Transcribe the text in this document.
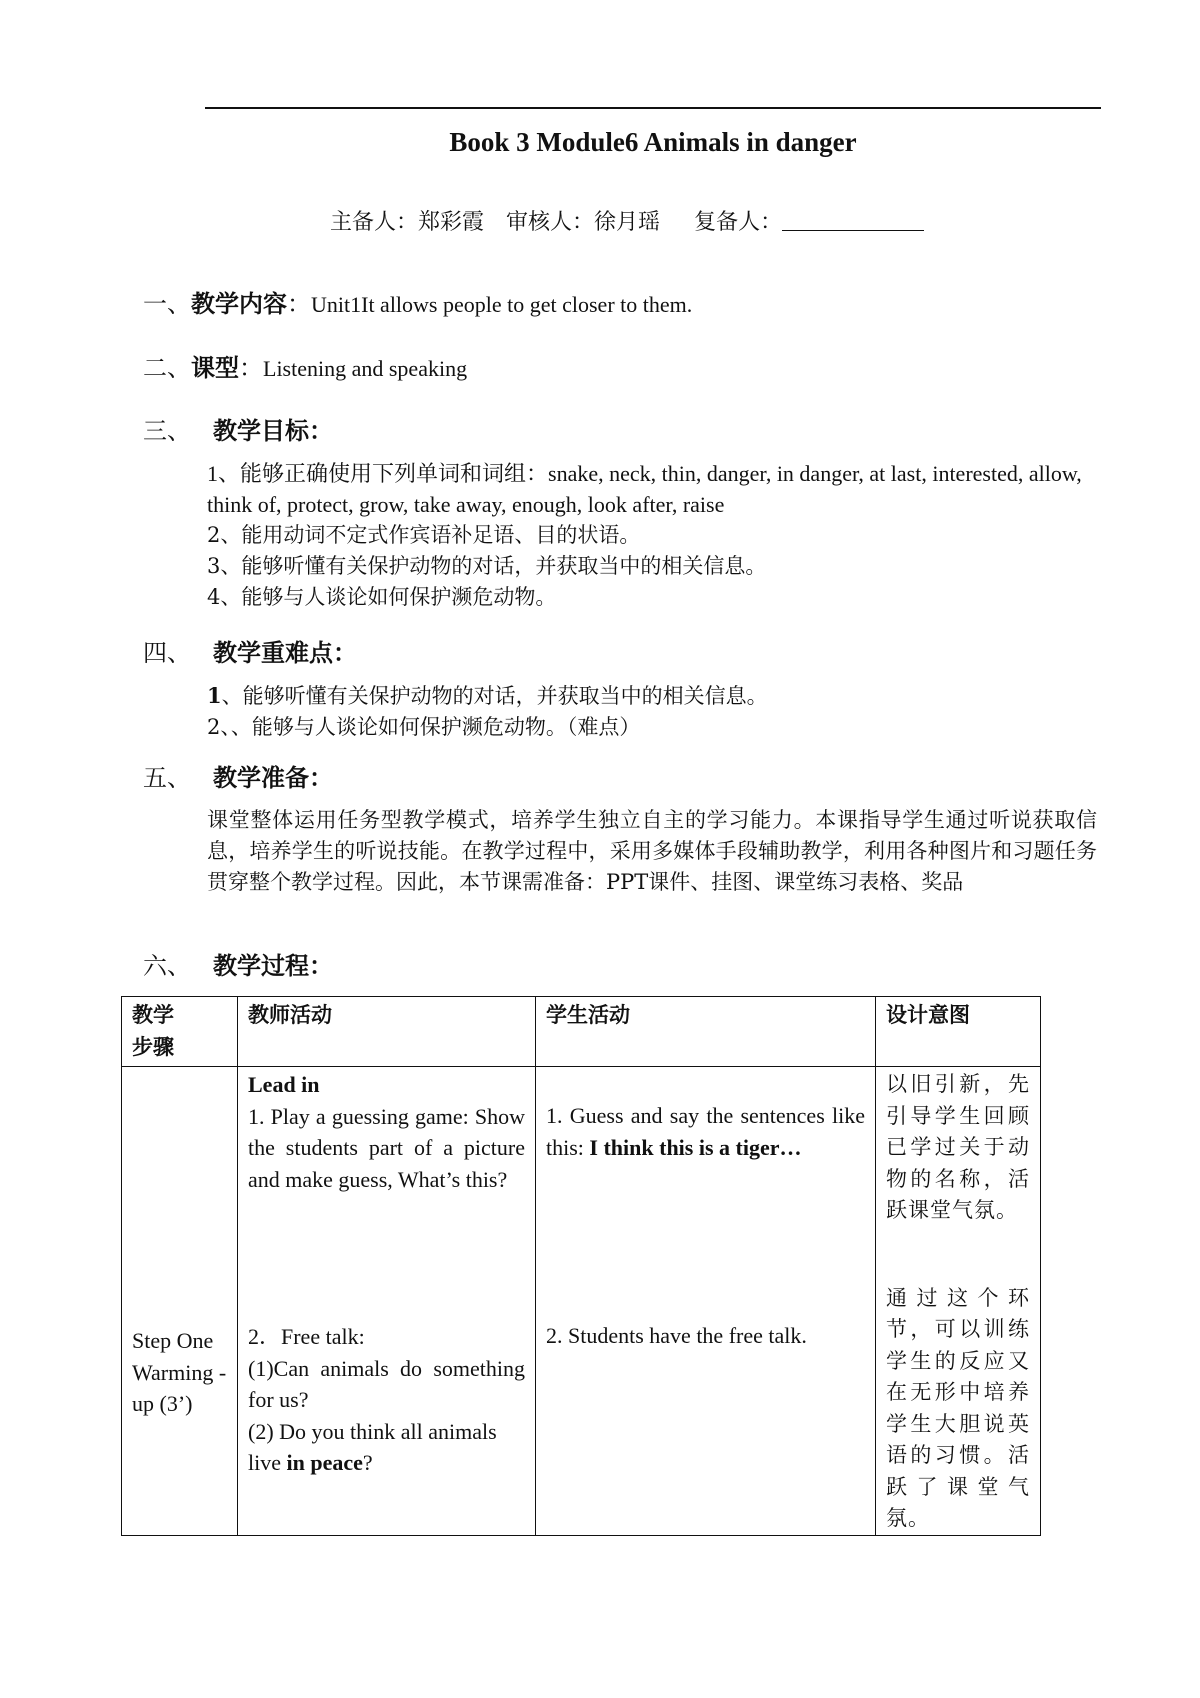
Book 3 Module6 Animals in danger
主备人：郑彩霞 审核人：徐月瑶 复备人：
一、教学内容：Unit1It allows people to get closer to them.
二、课型：Listening and speaking
三、 教学目标：

1、能够正确使用下列单词和词组：snake, neck, thin, danger, in danger, at last, interested, allow, think of, protect, grow, take away, enough, look after, raise

2、能用动词不定式作宾语补足语、目的状语。

3、能够听懂有关保护动物的对话，并获取当中的相关信息。

4、能够与人谈论如何保护濒危动物。

四、 教学重难点：

1、能够听懂有关保护动物的对话，并获取当中的相关信息。

2、、能够与人谈论如何保护濒危动物。（难点）

五、 教学准备：

课堂整体运用任务型教学模式，培养学生独立自主的学习能力。本课指导学生通过听说获取信息，培养学生的听说技能。在教学过程中，采用多媒体手段辅助教学，利用各种图片和习题任务贯穿整个教学过程。因此，本节课需准备：PPT课件、挂图、课堂练习表格、奖品

六、 教学过程：
教学步骤	教师活动	学生活动	设计意图
Step One Warming -up (3’)	Lead in
1. Play a guessing game: Show the students part of a picture and make guess, What’s this?
2．Free talk:
(1)Can animals do something for us?
(2) Do you think all animals live in peace?	1. Guess and say the sentences like this: I think this is a tiger…
2. Students have the free talk.	以旧引新，先引导学生回顾已学过关于动物的名称，活跃课堂气氛。
通过这个环节，可以训练学生的反应又在无形中培养学生大胆说英语的习惯。活跃了课堂气氛。
